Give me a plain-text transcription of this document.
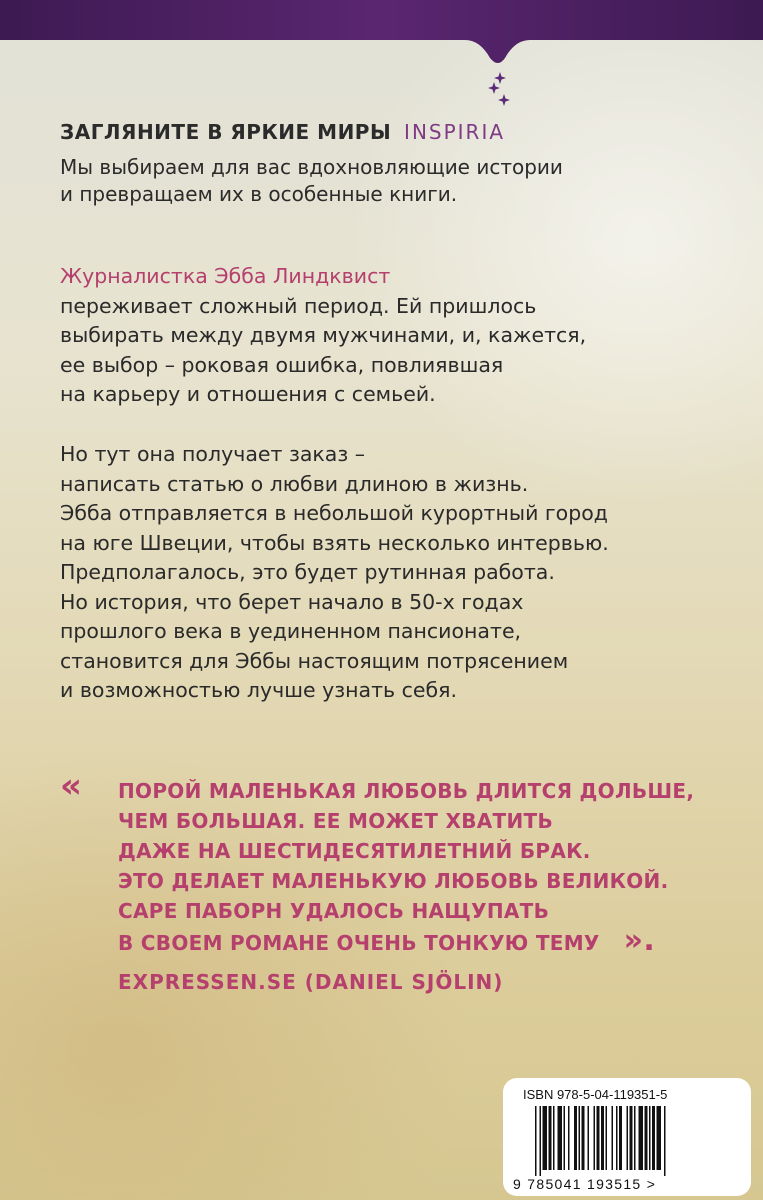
ЗАГЛЯНИТЕ В ЯРКИЕ МИРЫ INSPIRIA
Мы выбираем для вас вдохновляющие истории
и превращаем их в особенные книги.
Журналистка Эбба Линдквист
переживает сложный период. Ей пришлось
выбирать между двумя мужчинами, и, кажется,
ее выбор – роковая ошибка, повлиявшая
на карьеру и отношения с семьей.
Но тут она получает заказ –
написать статью о любви длиною в жизнь.
Эбба отправляется в небольшой курортный город
на юге Швеции, чтобы взять несколько интервью.
Предполагалось, это будет рутинная работа.
Но история, что берет начало в 50-х годах
прошлого века в уединенном пансионате,
становится для Эббы настоящим потрясением
и возможностью лучше узнать себя.
« ПОРОЙ МАЛЕНЬКАЯ ЛЮБОВЬ ДЛИТСЯ ДОЛЬШЕ,
ЧЕМ БОЛЬШАЯ. ЕЕ МОЖЕТ ХВАТИТЬ
ДАЖЕ НА ШЕСТИДЕСЯТИЛЕТНИЙ БРАК.
ЭТО ДЕЛАЕТ МАЛЕНЬКУЮ ЛЮБОВЬ ВЕЛИКОЙ.
САРЕ ПАБОРН УДАЛОСЬ НАЩУПАТЬ
В СВОЕМ РОМАНЕ ОЧЕНЬ ТОНКУЮ ТЕМУ ».
EXPRESSEN.SE (DANIEL SJÖLIN)
ISBN 978-5-04-119351-5
9 785041 193515 >
